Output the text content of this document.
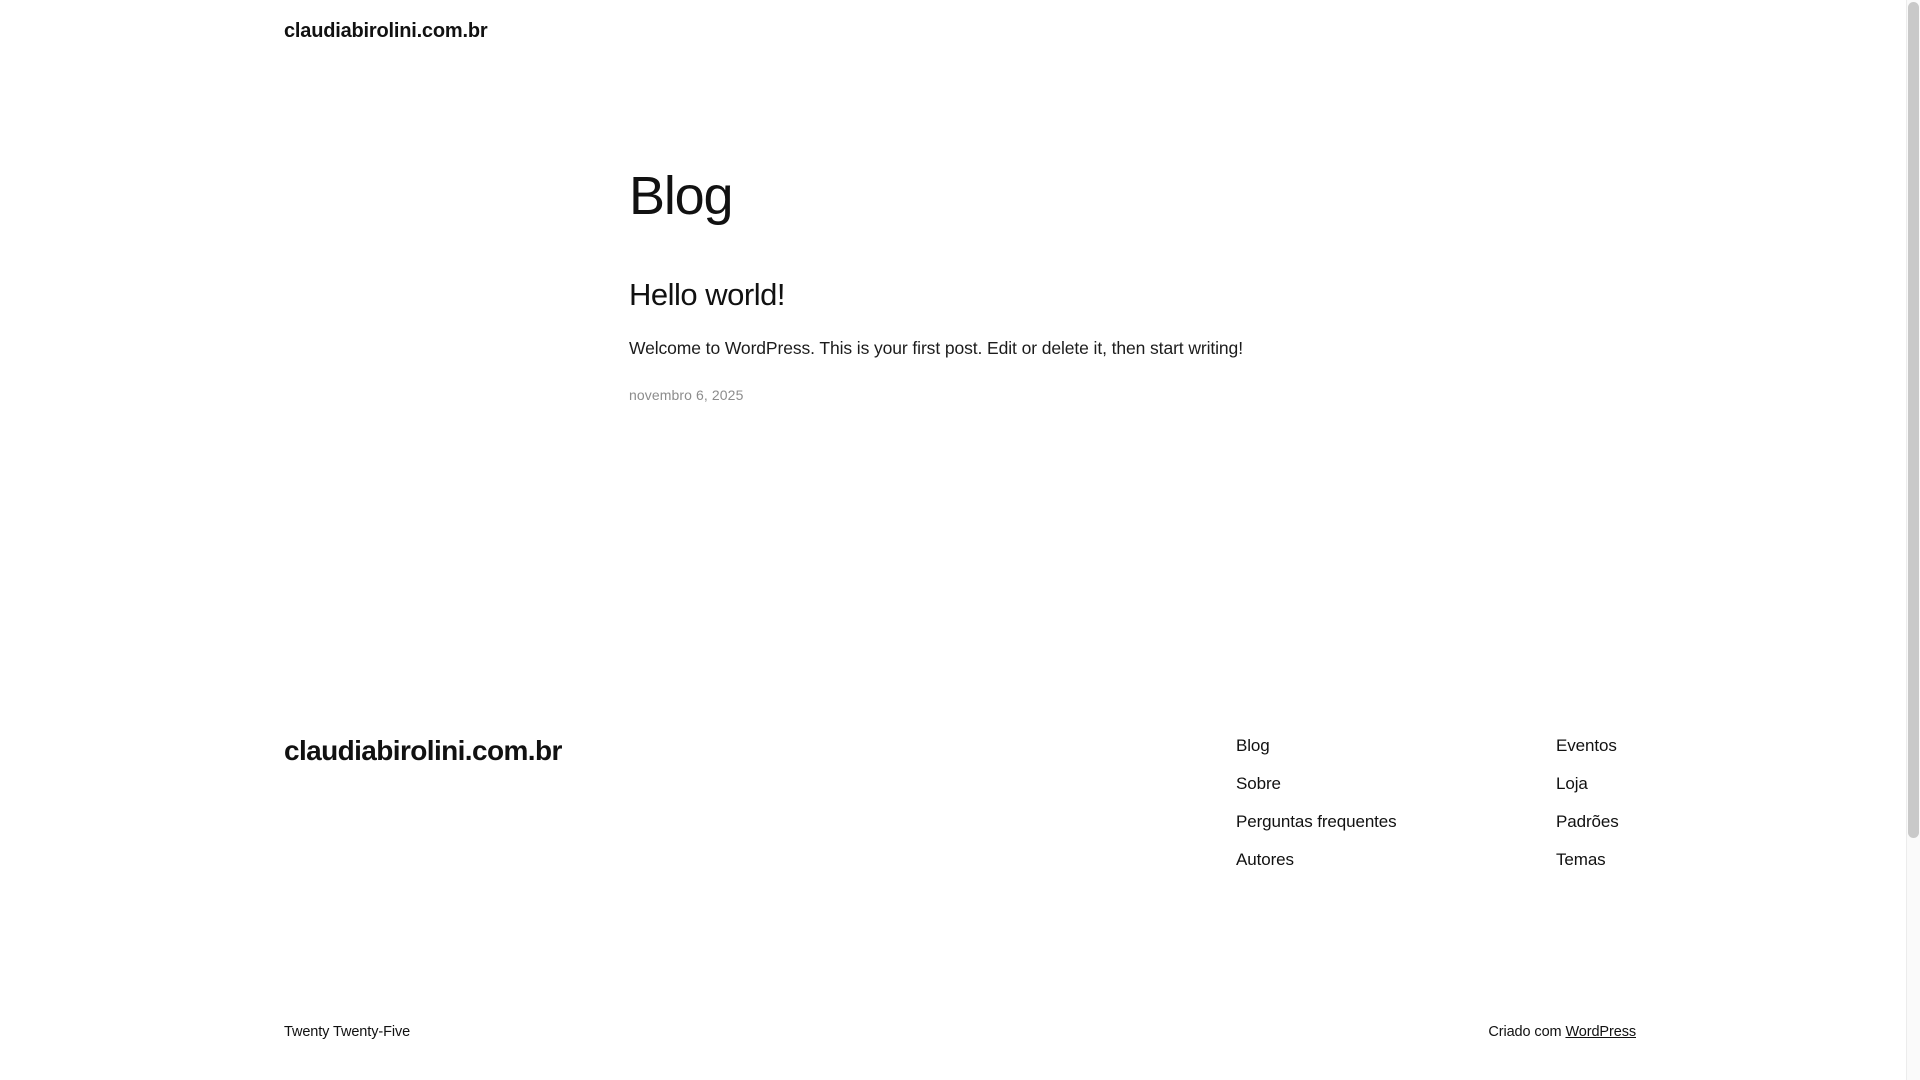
claudiabirolini.com.br
Blog
Hello world!

Welcome to WordPress. This is your first post. Edit or delete it, then start writing!

novembro 6, 2025

claudiabirolini.com.br	Blog
Sobre
Perguntas frequentes
Autores
Eventos
Loja
Padrões
Temas
Twenty Twenty-Five	Criado com WordPress
